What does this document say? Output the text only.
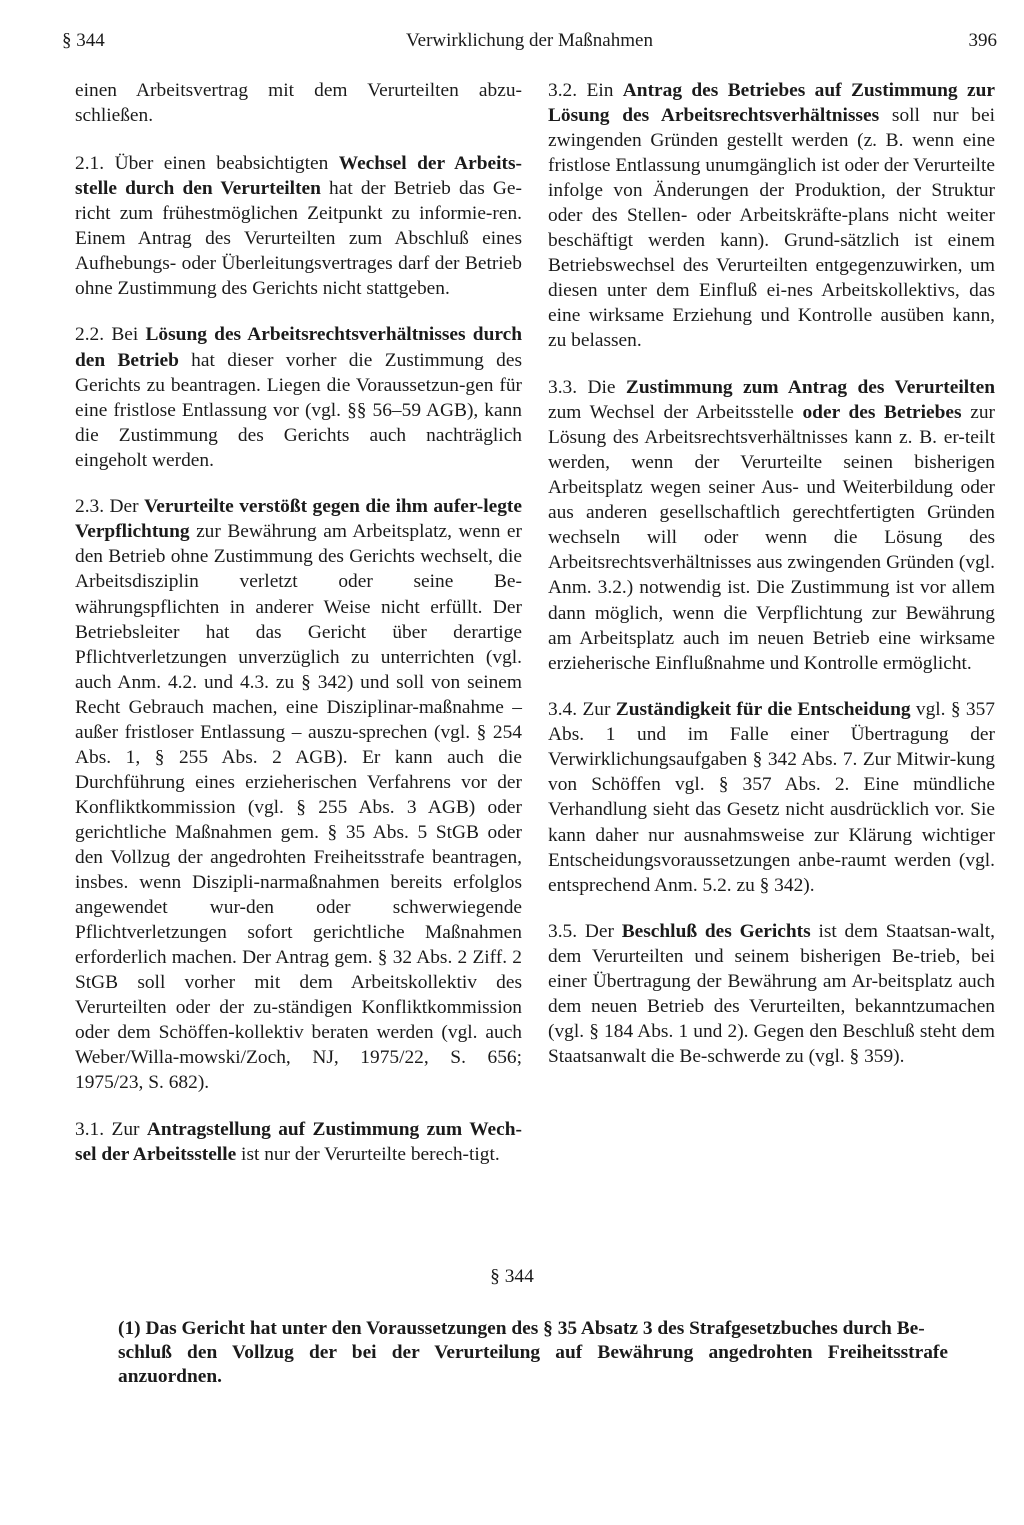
§ 344	Verwirklichung der Maßnahmen	396

einen Arbeitsvertrag mit dem Verurteilten abzu-schließen.

2.1. Über einen beabsichtigten Wechsel der Arbeits-stelle durch den Verurteilten hat der Betrieb das Ge-richt zum frühestmöglichen Zeitpunkt zu informie-ren. Einem Antrag des Verurteilten zum Abschluß eines Aufhebungs- oder Überleitungsvertrages darf der Betrieb ohne Zustimmung des Gerichts nicht stattgeben.

2.2. Bei Lösung des Arbeitsrechtsverhältnisses durch den Betrieb hat dieser vorher die Zustimmung des Gerichts zu beantragen. Liegen die Voraussetzun-gen für eine fristlose Entlassung vor (vgl. §§ 56–59 AGB), kann die Zustimmung des Gerichts auch nachträglich eingeholt werden.

2.3. Der Verurteilte verstößt gegen die ihm aufer-legte Verpflichtung zur Bewährung am Arbeitsplatz, wenn er den Betrieb ohne Zustimmung des Gerichts wechselt, die Arbeitsdisziplin verletzt oder seine Be-währungspflichten in anderer Weise nicht erfüllt. Der Betriebsleiter hat das Gericht über derartige Pflichtverletzungen unverzüglich zu unterrichten (vgl. auch Anm. 4.2. und 4.3. zu § 342) und soll von seinem Recht Gebrauch machen, eine Disziplinar-maßnahme – außer fristloser Entlassung – auszu-sprechen (vgl. § 254 Abs. 1, § 255 Abs. 2 AGB). Er kann auch die Durchführung eines erzieherischen Verfahrens vor der Konfliktkommission (vgl. § 255 Abs. 3 AGB) oder gerichtliche Maßnahmen gem. § 35 Abs. 5 StGB oder den Vollzug der angedrohten Freiheitsstrafe beantragen, insbes. wenn Diszipli-narmaßnahmen bereits erfolglos angewendet wur-den oder schwerwiegende Pflichtverletzungen sofort gerichtliche Maßnahmen erforderlich machen. Der Antrag gem. § 32 Abs. 2 Ziff. 2 StGB soll vorher mit dem Arbeitskollektiv des Verurteilten oder der zu-ständigen Konfliktkommission oder dem Schöffen-kollektiv beraten werden (vgl. auch Weber/Willa-mowski/Zoch, NJ, 1975/22, S. 656; 1975/23, S. 682).

3.1. Zur Antragstellung auf Zustimmung zum Wech-sel der Arbeitsstelle ist nur der Verurteilte berech-tigt.

3.2. Ein Antrag des Betriebes auf Zustimmung zur Lösung des Arbeitsrechtsverhältnisses soll nur bei zwingenden Gründen gestellt werden (z. B. wenn eine fristlose Entlassung unumgänglich ist oder der Verurteilte infolge von Änderungen der Produktion, der Struktur oder des Stellen- oder Arbeitskräfte-plans nicht weiter beschäftigt werden kann). Grund-sätzlich ist einem Betriebswechsel des Verurteilten entgegenzuwirken, um diesen unter dem Einfluß ei-nes Arbeitskollektivs, das eine wirksame Erziehung und Kontrolle ausüben kann, zu belassen.

3.3. Die Zustimmung zum Antrag des Verurteilten zum Wechsel der Arbeitsstelle oder des Betriebes zur Lösung des Arbeitsrechtsverhältnisses kann z. B. er-teilt werden, wenn der Verurteilte seinen bisherigen Arbeitsplatz wegen seiner Aus- und Weiterbildung oder aus anderen gesellschaftlich gerechtfertigten Gründen wechseln will oder wenn die Lösung des Arbeitsrechtsverhältnisses aus zwingenden Gründen (vgl. Anm. 3.2.) notwendig ist. Die Zustimmung ist vor allem dann möglich, wenn die Verpflichtung zur Bewährung am Arbeitsplatz auch im neuen Betrieb eine wirksame erzieherische Einflußnahme und Kontrolle ermöglicht.

3.4. Zur Zuständigkeit für die Entscheidung vgl. § 357 Abs. 1 und im Falle einer Übertragung der Verwirklichungsaufgaben § 342 Abs. 7. Zur Mitwir-kung von Schöffen vgl. § 357 Abs. 2. Eine mündliche Verhandlung sieht das Gesetz nicht ausdrücklich vor. Sie kann daher nur ausnahmsweise zur Klärung wichtiger Entscheidungsvoraussetzungen anbe-raumt werden (vgl. entsprechend Anm. 5.2. zu § 342).

3.5. Der Beschluß des Gerichts ist dem Staatsan-walt, dem Verurteilten und seinem bisherigen Be-trieb, bei einer Übertragung der Bewährung am Ar-beitsplatz auch dem neuen Betrieb des Verurteilten, bekanntzumachen (vgl. § 184 Abs. 1 und 2). Gegen den Beschluß steht dem Staatsanwalt die Be-schwerde zu (vgl. § 359).

§ 344
(1) Das Gericht hat unter den Voraussetzungen des § 35 Absatz 3 des Strafgesetzbuches durch Be-
schluß den Vollzug der bei der Verurteilung auf Bewährung angedrohten Freiheitsstrafe anzuordnen.
